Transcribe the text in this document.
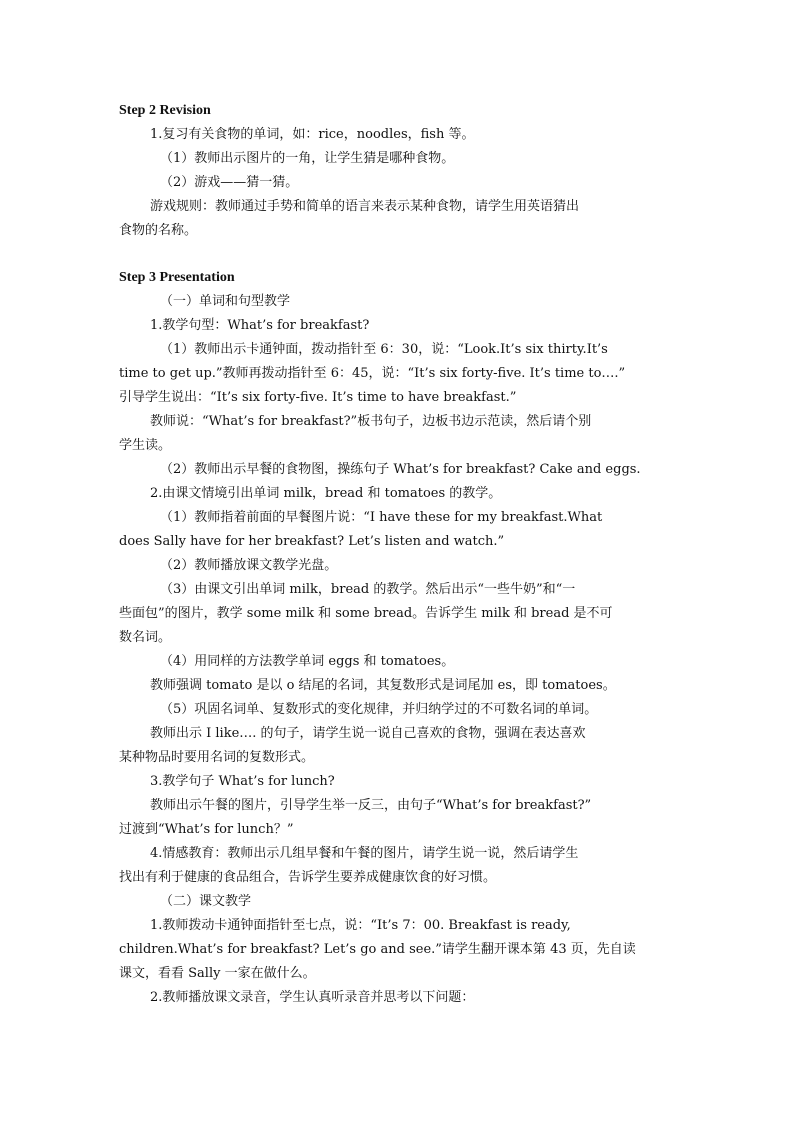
Step 2 Revision
1.复习有关食物的单词，如：rice，noodles，fish 等。
（1）教师出示图片的一角，让学生猜是哪种食物。
（2）游戏——猜一猜。
游戏规则：教师通过手势和简单的语言来表示某种食物，请学生用英语猜出
食物的名称。
Step 3 Presentation
（一）单词和句型教学
1.教学句型：What’s for breakfast?
（1）教师出示卡通钟面，拨动指针至 6：30，说：“Look.It’s six thirty.It’s
time to get up.”教师再拨动指针至 6：45，说：“It’s six forty-five. It’s time to….”
引导学生说出：“It’s six forty-five. It’s time to have breakfast.”
教师说：“What’s for breakfast?”板书句子，边板书边示范读，然后请个别
学生读。
（2）教师出示早餐的食物图，操练句子 What’s for breakfast? Cake and eggs.
2.由课文情境引出单词 milk，bread 和 tomatoes 的教学。
（1）教师指着前面的早餐图片说：“I have these for my breakfast.What
does Sally have for her breakfast? Let’s listen and watch.”
（2）教师播放课文教学光盘。
（3）由课文引出单词 milk，bread 的教学。然后出示“一些牛奶”和“一
些面包”的图片，教学 some milk 和 some bread。告诉学生 milk 和 bread 是不可
数名词。
（4）用同样的方法教学单词 eggs 和 tomatoes。
教师强调 tomato 是以 o 结尾的名词，其复数形式是词尾加 es，即 tomatoes。
（5）巩固名词单、复数形式的变化规律，并归纳学过的不可数名词的单词。
教师出示 I like…. 的句子，请学生说一说自己喜欢的食物，强调在表达喜欢
某种物品时要用名词的复数形式。
3.教学句子 What’s for lunch?
教师出示午餐的图片，引导学生举一反三，由句子“What’s for breakfast?”
过渡到“What’s for lunch？”
4.情感教育：教师出示几组早餐和午餐的图片，请学生说一说，然后请学生
找出有利于健康的食品组合，告诉学生要养成健康饮食的好习惯。
（二）课文教学
1.教师拨动卡通钟面指针至七点，说：“It’s 7：00. Breakfast is ready,
children.What’s for breakfast? Let’s go and see.”请学生翻开课本第 43 页，先自读
课文，看看 Sally 一家在做什么。
2.教师播放课文录音，学生认真听录音并思考以下问题：
